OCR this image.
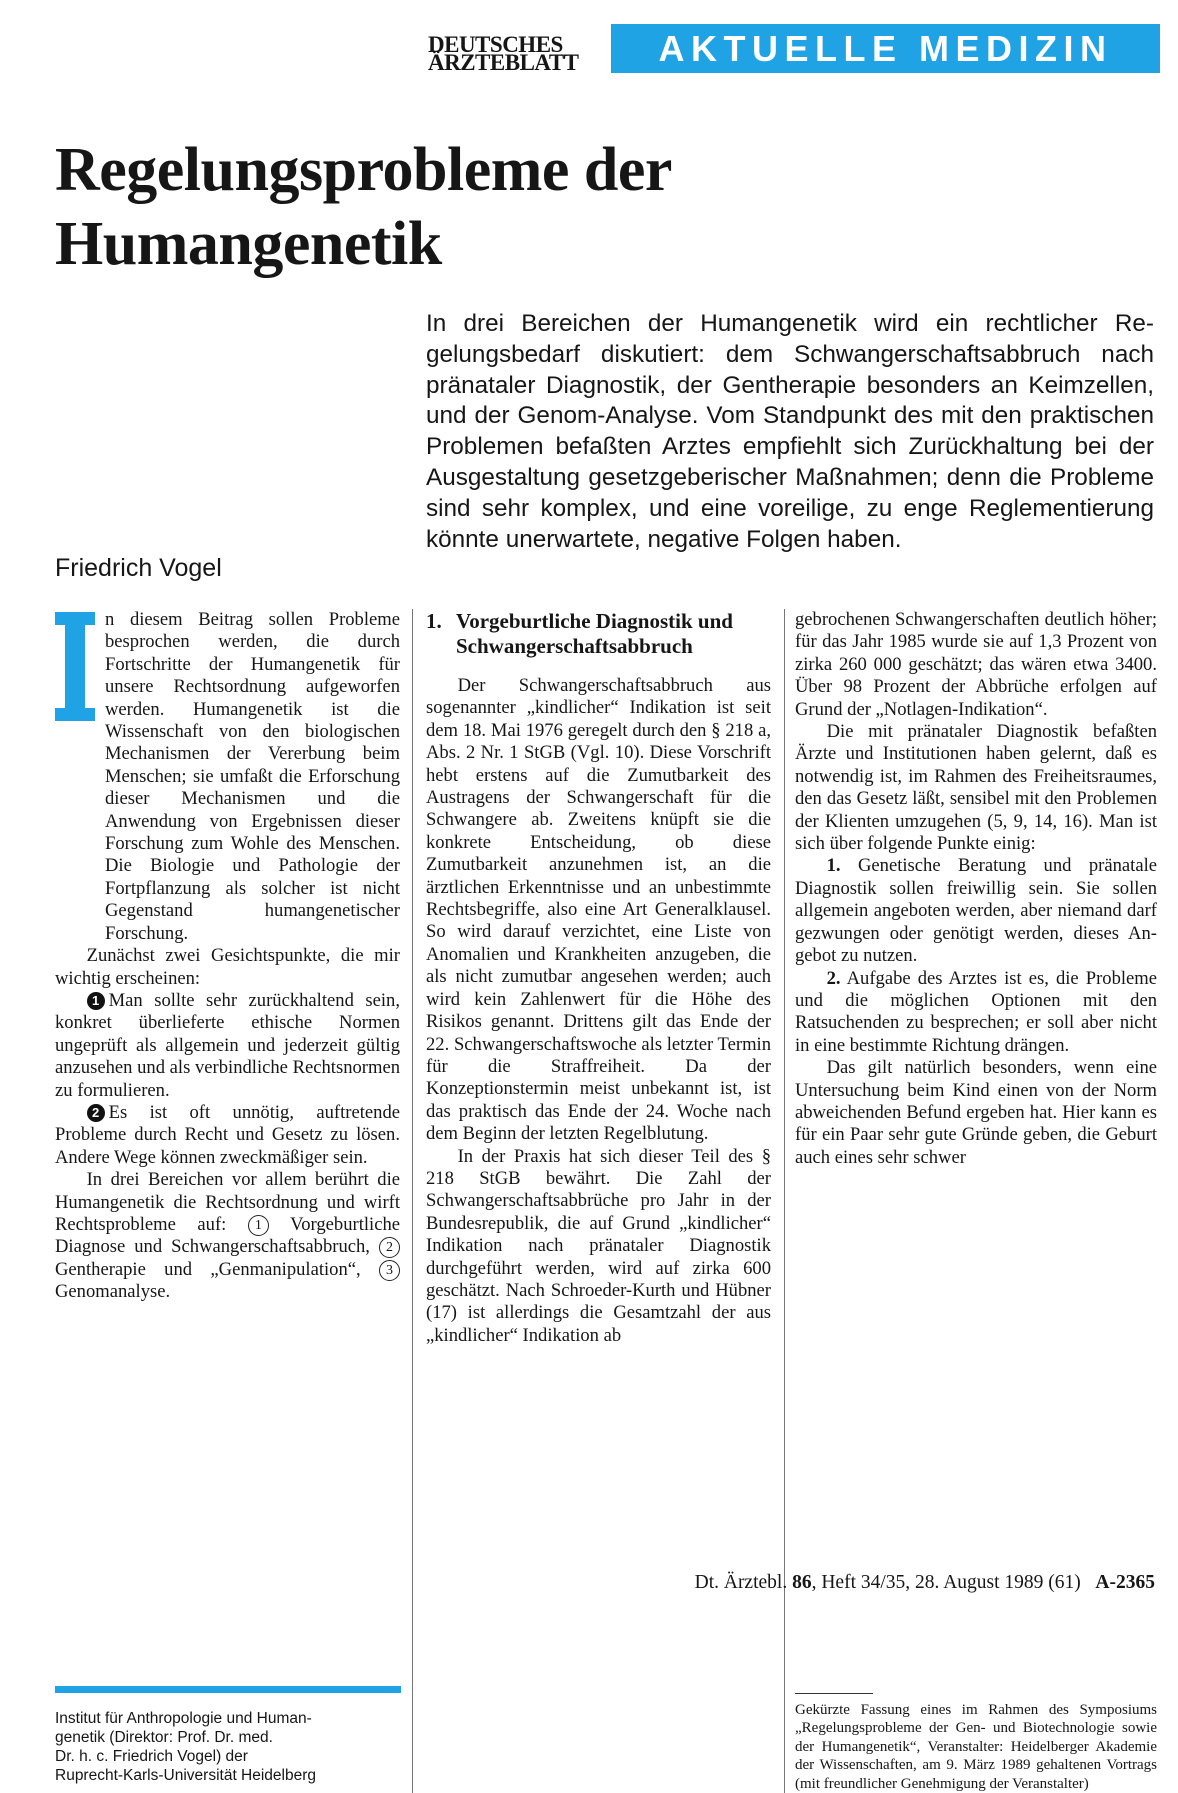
DEUTSCHES
ÄRZTEBLATT	AKTUELLE MEDIZIN
Regelungsprobleme der
Humangenetik
Friedrich Vogel

In drei Bereichen der Humangenetik wird ein rechtlicher Regelungsbedarf diskutiert: dem Schwangerschaftsabbruch nach pränataler Diagnostik, der Gentherapie besonders an Keimzellen, und der Genom-Analyse. Vom Standpunkt des mit den praktischen Problemen befaßten Arztes empfiehlt sich Zurückhaltung bei der Ausgestaltung gesetzgeberischer Maßnahmen; denn die Probleme sind sehr komplex, und eine voreilige, zu enge Reglementierung könnte unerwartete, negative Folgen haben.

n diesem Beitrag sollen Probleme besprochen werden, die durch Fortschritte der Humangenetik für unsere Rechtsordnung aufgeworfen werden. Humangenetik ist die Wissenschaft von den biologischen Mechanismen der Vererbung beim Menschen; sie umfaßt die Erforschung dieser Mechanismen und die Anwendung von Ergebnissen dieser Forschung zum Wohle des Menschen. Die Biologie und Pathologie der Fortpflanzung als solcher ist nicht Gegenstand humangenetischer Forschung.

Zunächst zwei Gesichtspunkte, die mir wichtig erscheinen:

1 Man sollte sehr zurückhaltend sein, konkret überlieferte ethische Normen ungeprüft als allgemein und jederzeit gültig anzusehen und als verbindliche Rechtsnormen zu formulieren.

2 Es ist oft unnötig, auftretende Probleme durch Recht und Gesetz zu lösen. Andere Wege können zweckmäßiger sein.

In drei Bereichen vor allem berührt die Humangenetik die Rechtsordnung und wirft Rechtsprobleme auf: 1 Vorgeburtliche Diagnose und Schwangerschaftsabbruch, 2 Gentherapie und „Genmanipulation“, 3 Genomanalyse.

Institut für Anthropologie und Human-
genetik (Direktor: Prof. Dr. med.
Dr. h. c. Friedrich Vogel) der
Ruprecht-Karls-Universität Heidelberg
1. Vorgeburtliche Diagnostik und Schwangerschaftsabbruch

Der Schwangerschaftsabbruch aus sogenannter „kindlicher“ Indikation ist seit dem 18. Mai 1976 geregelt durch den § 218 a, Abs. 2 Nr. 1 StGB (Vgl. 10). Diese Vorschrift hebt erstens auf die Zumutbarkeit des Austragens der Schwangerschaft für die Schwangere ab. Zweitens knüpft sie die konkrete Entscheidung, ob diese Zumutbarkeit anzunehmen ist, an die ärztlichen Erkenntnisse und an unbestimmte Rechtsbegriffe, also eine Art Generalklausel. So wird darauf verzichtet, eine Liste von Anomalien und Krankheiten anzugeben, die als nicht zumutbar angesehen werden; auch wird kein Zahlenwert für die Höhe des Risikos genannt. Drittens gilt das Ende der 22. Schwangerschaftswoche als letzter Termin für die Straffreiheit. Da der Konzeptionstermin meist unbekannt ist, ist das praktisch das Ende der 24. Woche nach dem Beginn der letzten Regelblutung.

In der Praxis hat sich dieser Teil des § 218 StGB bewährt. Die Zahl der Schwangerschaftsabbrüche pro Jahr in der Bundesrepublik, die auf Grund „kindlicher“ Indikation nach pränataler Diagnostik durchgeführt werden, wird auf zirka 600 geschätzt. Nach Schroeder-Kurth und Hübner (17) ist allerdings die Gesamtzahl der aus „kindlicher“ Indikation ab

gebrochenen Schwangerschaften deutlich höher; für das Jahr 1985 wurde sie auf 1,3 Prozent von zirka 260 000 geschätzt; das wären etwa 3400. Über 98 Prozent der Abbrüche erfolgen auf Grund der „Notlagen-Indikation“.

Die mit pränataler Diagnostik befaßten Ärzte und Institutionen haben gelernt, daß es notwendig ist, im Rahmen des Freiheitsraumes, den das Gesetz läßt, sensibel mit den Problemen der Klienten umzugehen (5, 9, 14, 16). Man ist sich über folgende Punkte einig:

1. Genetische Beratung und pränatale Diagnostik sollen freiwillig sein. Sie sollen allgemein angeboten werden, aber niemand darf gezwungen oder genötigt werden, dieses Angebot zu nutzen.

2. Aufgabe des Arztes ist es, die Probleme und die möglichen Optionen mit den Ratsuchenden zu besprechen; er soll aber nicht in eine bestimmte Richtung drängen.

Das gilt natürlich besonders, wenn eine Untersuchung beim Kind einen von der Norm abweichenden Befund ergeben hat. Hier kann es für ein Paar sehr gute Gründe geben, die Geburt auch eines sehr schwer

Gekürzte Fassung eines im Rahmen des Symposiums „Regelungsprobleme der Gen- und Biotechnologie sowie der Humangenetik“, Veranstalter: Heidelberger Akademie der Wissenschaften, am 9. März 1989 gehaltenen Vortrags (mit freundlicher Genehmigung der Veranstalter)
Dt. Ärztebl. 86, Heft 34/35, 28. August 1989 (61) A-2365
